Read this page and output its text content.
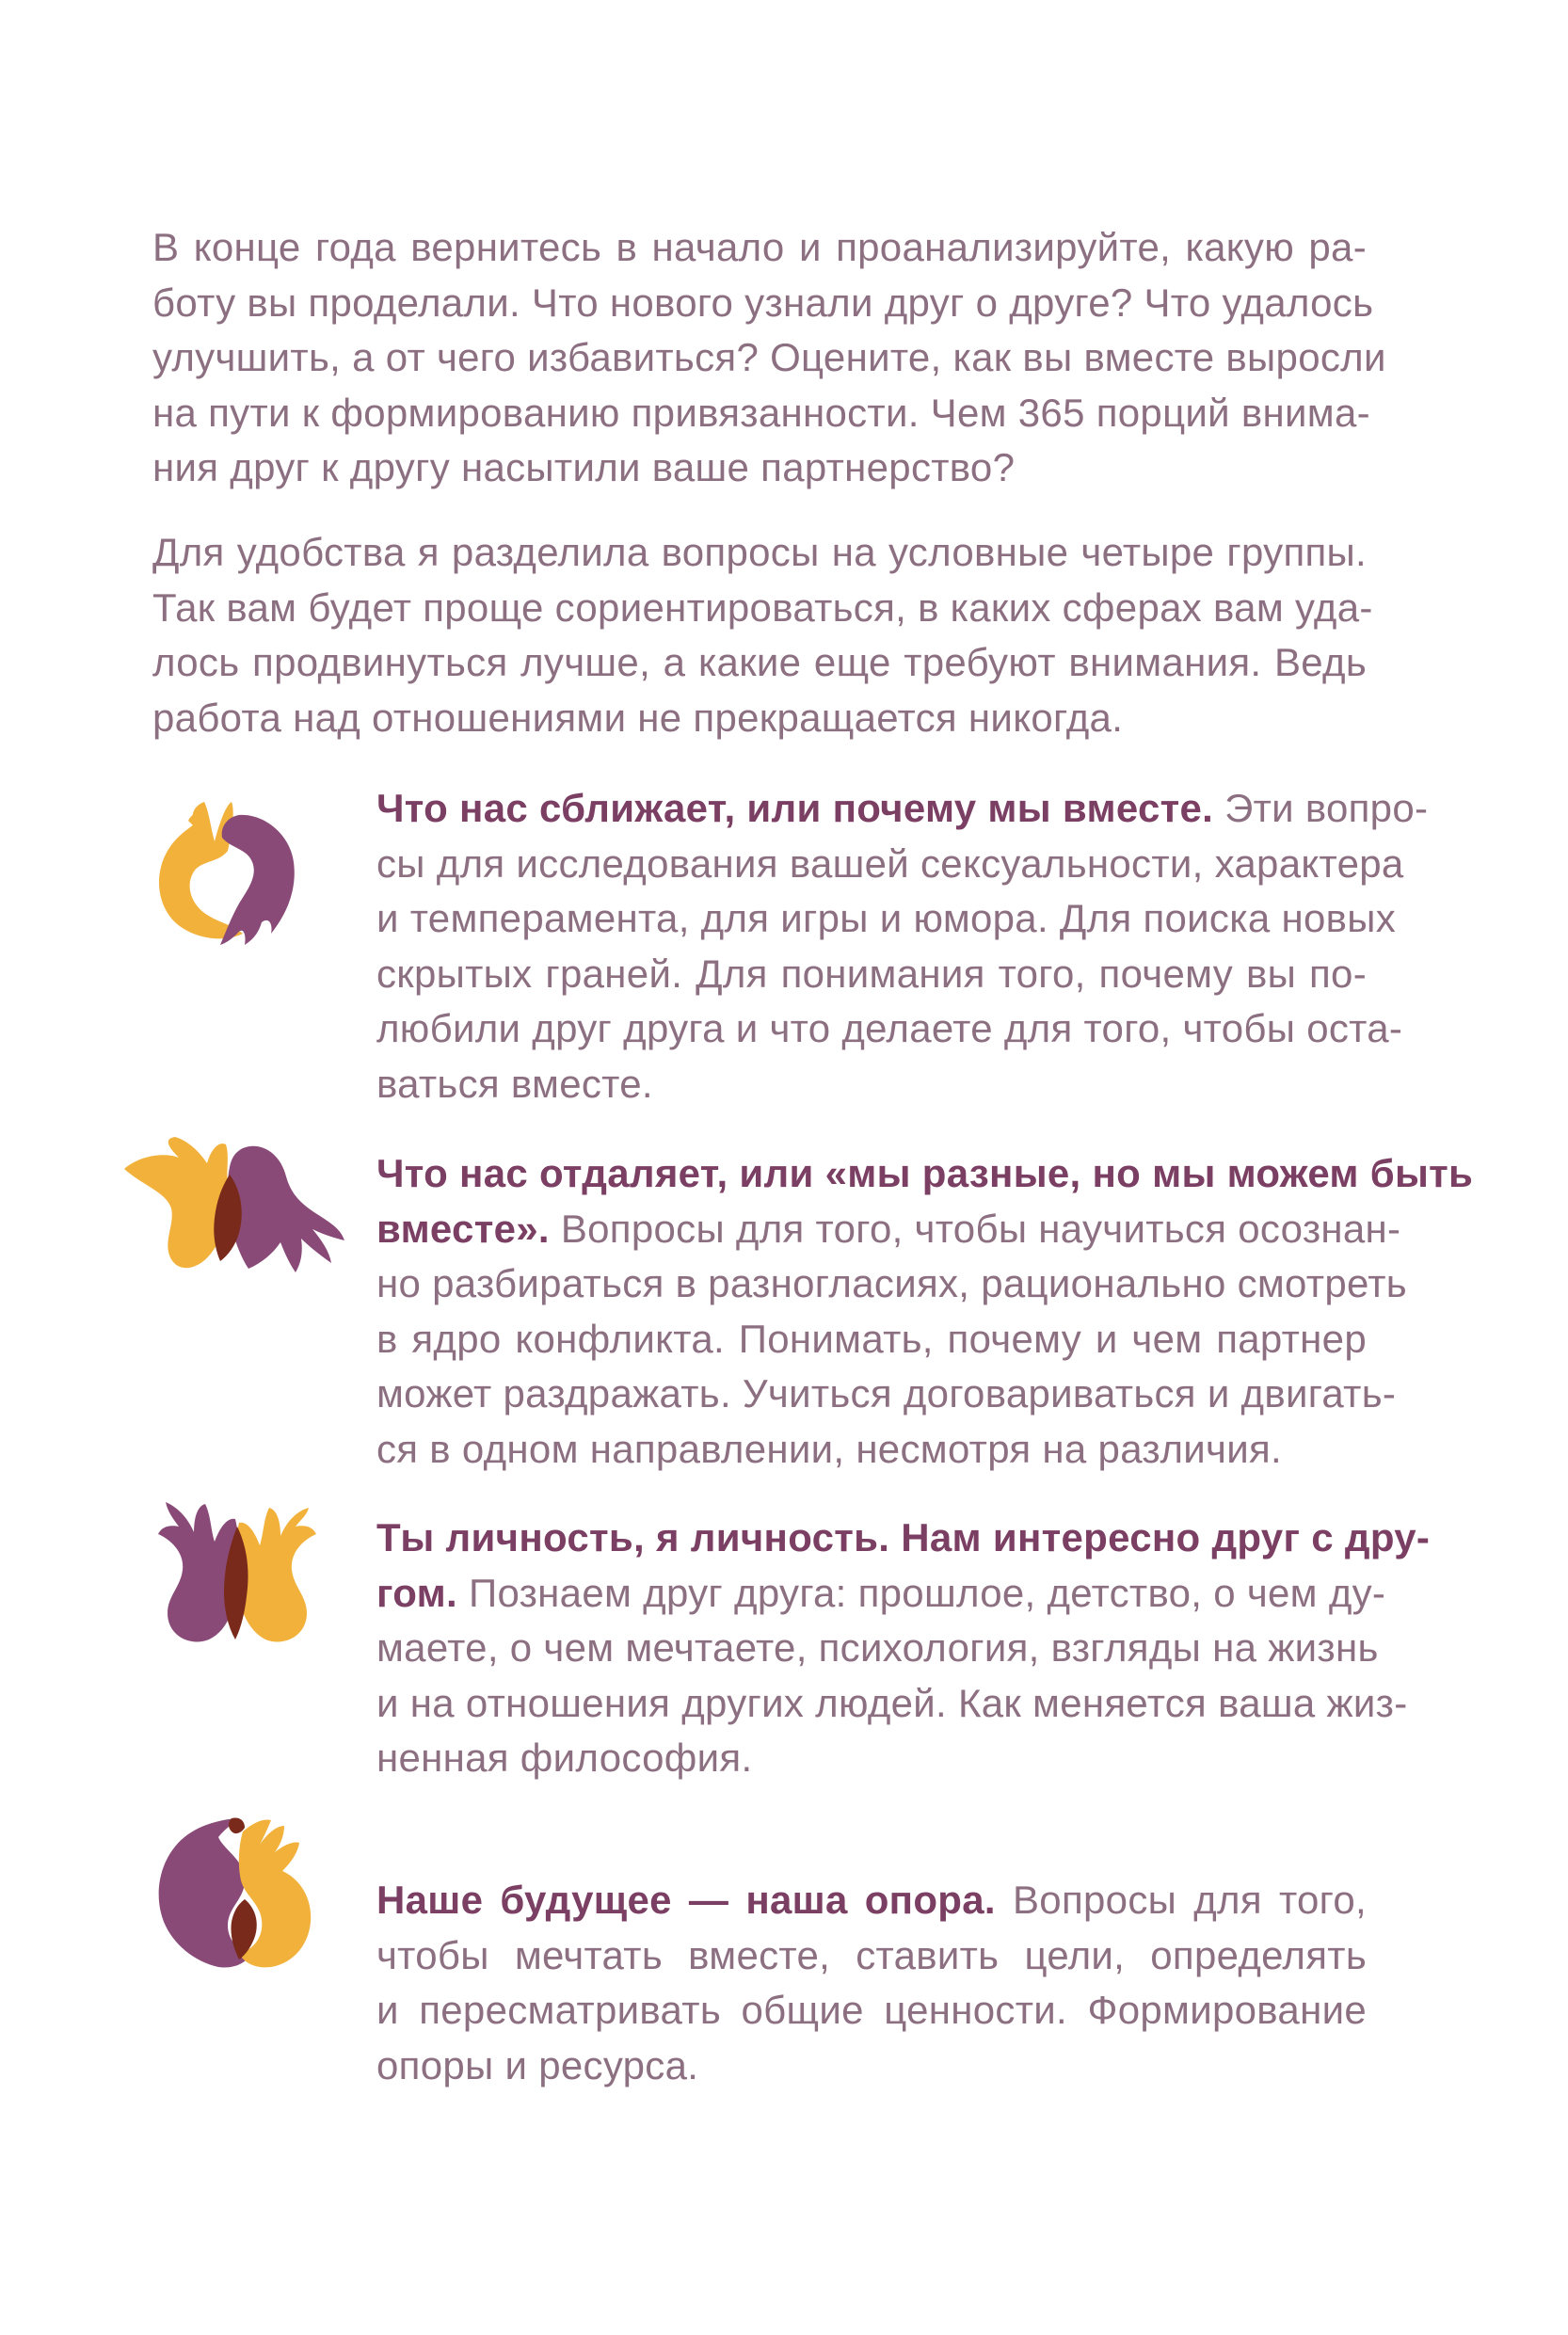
В конце года вернитесь в начало и проанализируйте, какую ра-
боту вы проделали. Что нового узнали друг о друге? Что удалось
улучшить, а от чего избавиться? Оцените, как вы вместе выросли
на пути к формированию привязанности. Чем 365 порций внима-
ния друг к другу насытили ваше партнерство?

Для удобства я разделила вопросы на условные четыре группы.
Так вам будет проще сориентироваться, в каких сферах вам уда-
лось продвинуться лучше, а какие еще требуют внимания. Ведь
работа над отношениями не прекращается никогда.

Что нас сближает, или почему мы вместе. Эти вопро-
сы для исследования вашей сексуальности, характера
и темперамента, для игры и юмора. Для поиска новых
скрытых граней. Для понимания того, почему вы по-
любили друг друга и что делаете для того, чтобы оста-
ваться вместе.
Что нас отдаляет, или «мы разные, но мы можем быть
вместе». Вопросы для того, чтобы научиться осознан-
но разбираться в разногласиях, рационально смотреть
в ядро конфликта. Понимать, почему и чем партнер
может раздражать. Учиться договариваться и двигать-
ся в одном направлении, несмотря на различия.
Ты личность, я личность. Нам интересно друг с дру-
гом. Познаем друг друга: прошлое, детство, о чем ду-
маете, о чем мечтаете, психология, взгляды на жизнь
и на отношения других людей. Как меняется ваша жиз-
ненная философия.
Наше будущее — наша опора. Вопросы для того,
чтобы мечтать вместе, ставить цели, определять
и пересматривать общие ценности. Формирование
опоры и ресурса.
